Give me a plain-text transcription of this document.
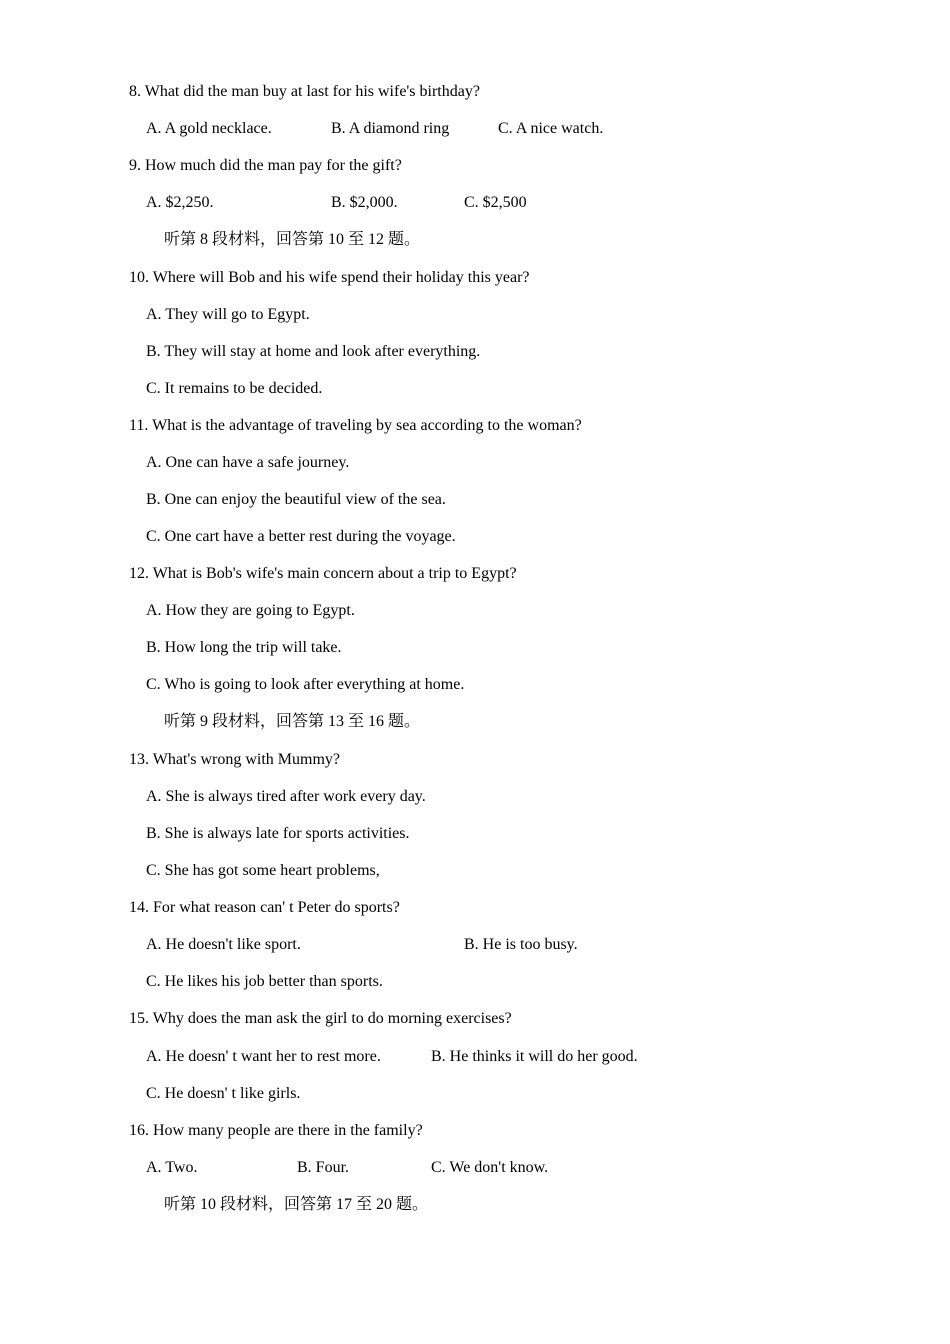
8. What did the man buy at last for his wife's birthday?
A. A gold necklace.	B. A diamond ring	C. A nice watch.
9. How much did the man pay for the gift?
A. $2,250.	B. $2,000.	C. $2,500
听第 8 段材料，回答第 10 至 12 题。
10. Where will Bob and his wife spend their holiday this year?
A. They will go to Egypt.
B. They will stay at home and look after everything.
C. It remains to be decided.
11. What is the advantage of traveling by sea according to the woman?
A. One can have a safe journey.
B. One can enjoy the beautiful view of the sea.
C. One cart have a better rest during the voyage.
12. What is Bob's wife's main concern about a trip to Egypt?
A. How they are going to Egypt.
B. How long the trip will take.
C. Who is going to look after everything at home.
听第 9 段材料，回答第 13 至 16 题。
13. What's wrong with Mummy?
A. She is always tired after work every day.
B. She is always late for sports activities.
C. She has got some heart problems,
14. For what reason can' t Peter do sports?
A. He doesn't like sport.	B. He is too busy.
C. He likes his job better than sports.
15. Why does the man ask the girl to do morning exercises?
A. He doesn' t want her to rest more.	B. He thinks it will do her good.
C. He doesn' t like girls.
16. How many people are there in the family?
A. Two.	B. Four.	C. We don't know.
听第 10 段材料，回答第 17 至 20 题。
